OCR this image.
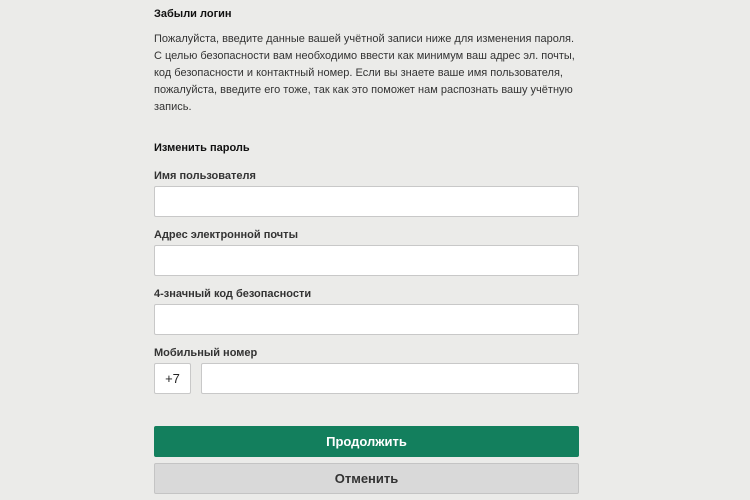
Забыли логин
Пожалуйста, введите данные вашей учётной записи ниже для изменения пароля. С целью безопасности вам необходимо ввести как минимум ваш адрес эл. почты, код безопасности и контактный номер. Если вы знаете ваше имя пользователя, пожалуйста, введите его тоже, так как это поможет нам распознать вашу учётную запись.
Изменить пароль
Имя пользователя
Адрес электронной почты
4-значный код безопасности
Мобильный номер
+7
Продолжить
Отменить
